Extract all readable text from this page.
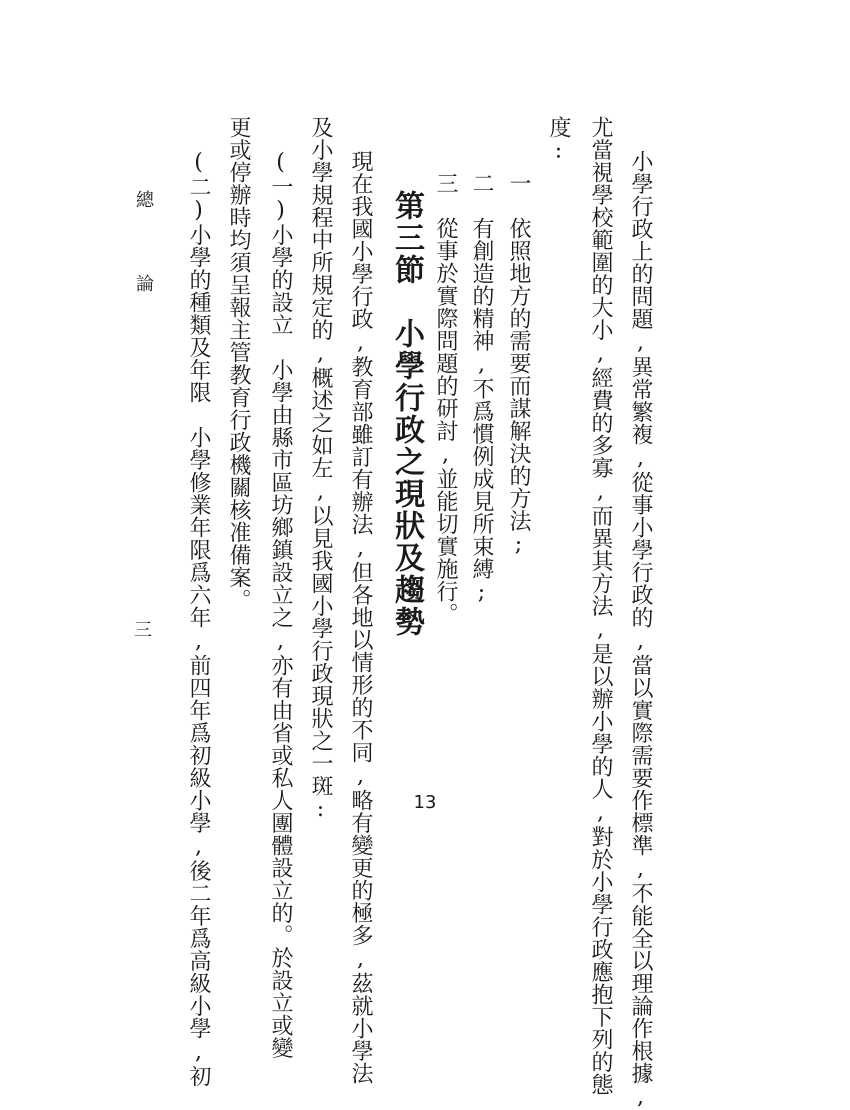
小學行政上的問題,異常繁複,從事小學行政的,當以實際需要作標準,不能全以理論作根據,
尤當視學校範圍的大小,經費的多寡,而異其方法,是以辦小學的人,對於小學行政應抱下列的態
度:
一　依照地方的需要而謀解決的方法;
二　有創造的精神,不爲慣例成見所束縛;
三　從事於實際問題的研討,並能切實施行。
第三節　小學行政之現狀及趨勢
現在我國小學行政,教育部雖訂有辦法,但各地以情形的不同,略有變更的極多,茲就小學法
及小學規程中所規定的,概述之如左,以見我國小學行政現狀之一斑:
(一)小學的設立　小學由縣市區坊鄉鎮設立之,亦有由省或私人團體設立的。於設立或變
更或停辦時均須呈報主管教育行政機關核准備案。
(二)小學的種類及年限　小學修業年限爲六年,前四年爲初級小學,後二年爲高級小學,初
總　論
三
13
